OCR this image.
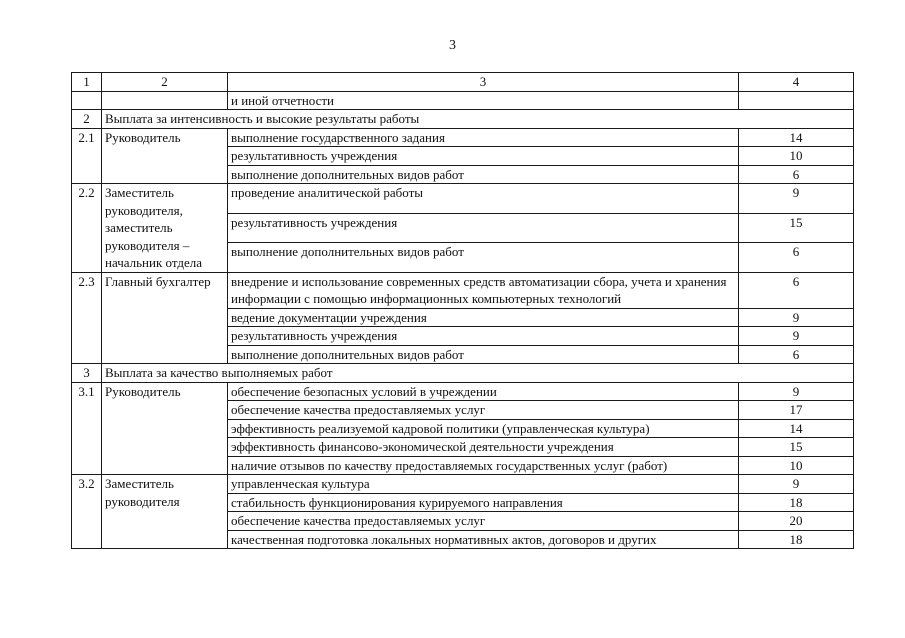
3
1	2	3	4
		и иной отчетности	
2	Выплата за интенсивность и высокие результаты работы		
2.1	Руководитель	выполнение государственного задания	14
		результативность учреждения	10
		выполнение дополнительных видов работ	6
2.2	Заместитель руководителя, заместитель руководителя – начальник отдела	проведение аналитической работы	9
		результативность учреждения	15
		выполнение дополнительных видов работ	6
2.3	Главный бухгалтер	внедрение и использование современных средств автоматизации сбора, учета и хранения информации с помощью информационных компьютерных технологий	6
		ведение документации учреждения	9
		результативность учреждения	9
		выполнение дополнительных видов работ	6
3	Выплата за качество выполняемых работ		
3.1	Руководитель	обеспечение безопасных условий в учреждении	9
		обеспечение качества предоставляемых услуг	17
		эффективность реализуемой кадровой политики (управленческая культура)	14
		эффективность финансово-экономической деятельности учреждения	15
		наличие отзывов по качеству предоставляемых государственных услуг (работ)	10
3.2	Заместитель руководителя	управленческая культура	9
		стабильность функционирования курируемого направления	18
		обеспечение качества предоставляемых услуг	20
		качественная подготовка локальных нормативных актов, договоров и других	18
